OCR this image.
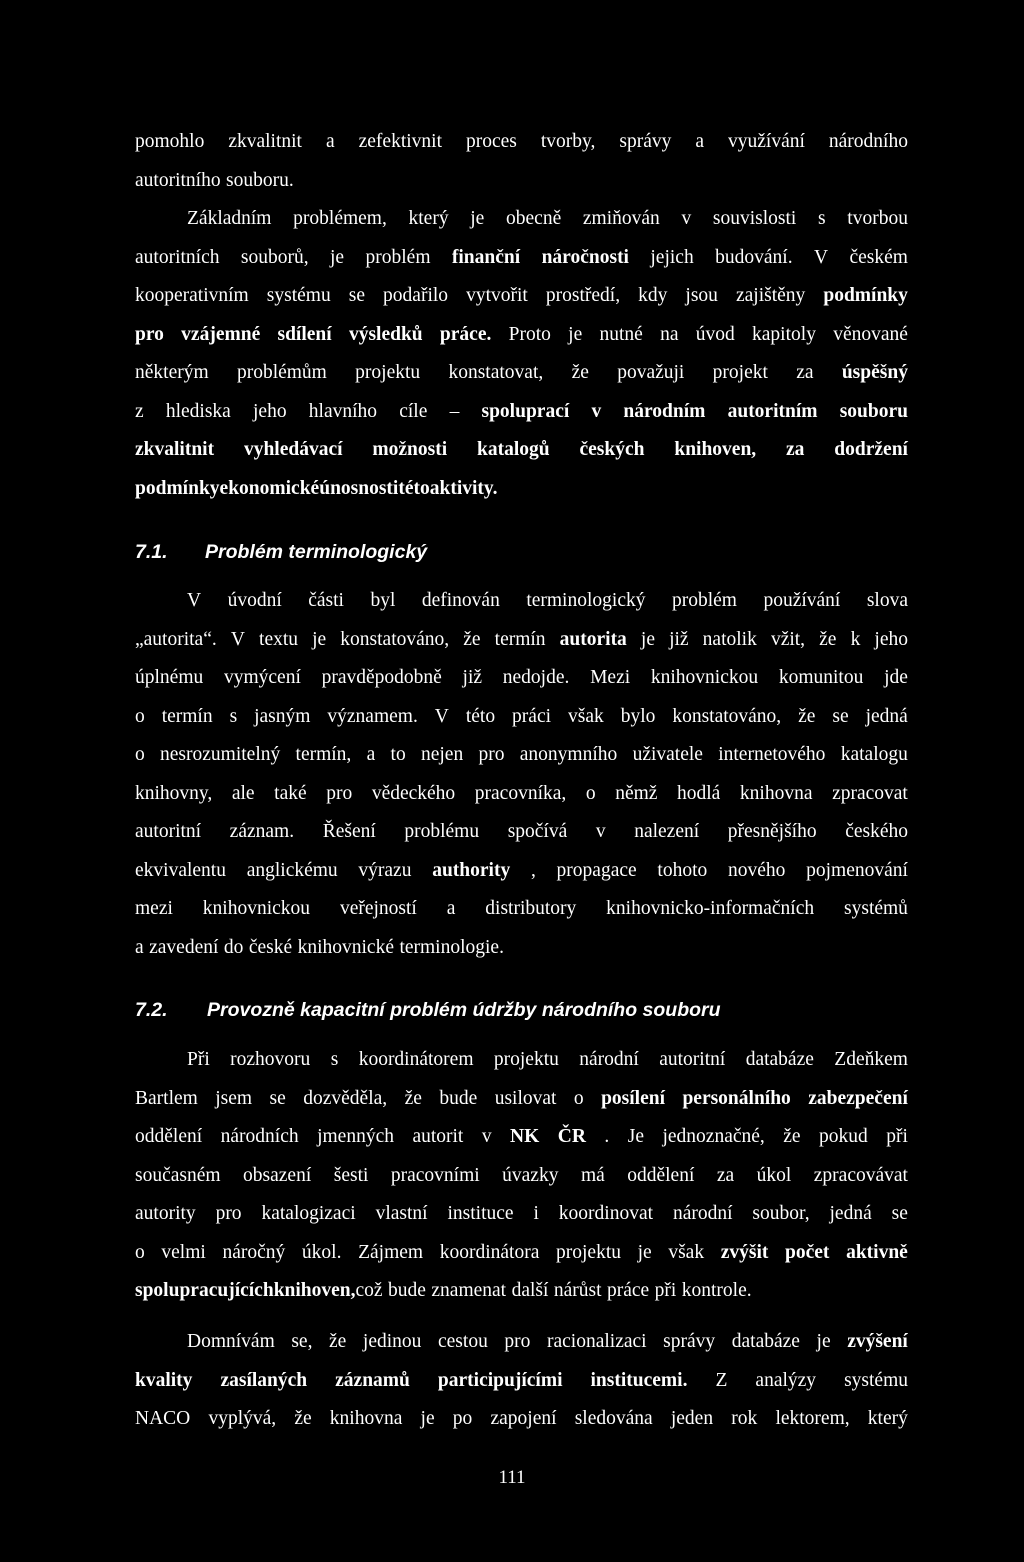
pomohlo zkvalitnit a zefektivnit proces tvorby, správy a využívání národního
autoritního souboru.
Základním problémem, který je obecně zmiňován v souvislosti s tvorbou
autoritních souborů, je problém finanční náročnosti jejich budování. V českém
kooperativním systému se podařilo vytvořit prostředí, kdy jsou zajištěny podmínky
pro vzájemné sdílení výsledků práce. Proto je nutné na úvod kapitoly věnované
některým problémům projektu konstatovat, že považuji projekt za úspěšný
z hlediska jeho hlavního cíle – spoluprací v národním autoritním souboru
zkvalitnit vyhledávací možnosti katalogů českých knihoven, za dodržení
podmínky ekonomické únosnosti této aktivity.
7.1. Problém terminologický
V úvodní části byl definován terminologický problém používání slova
„autorita“. V textu je konstatováno, že termín autorita je již natolik vžit, že k jeho
úplnému vymýcení pravděpodobně již nedojde. Mezi knihovnickou komunitou jde
o termín s jasným významem. V této práci však bylo konstatováno, že se jedná
o nesrozumitelný termín, a to nejen pro anonymního uživatele internetového katalogu
knihovny, ale také pro vědeckého pracovníka, o němž hodlá knihovna zpracovat
autoritní záznam. Řešení problému spočívá v nalezení přesnějšího českého
ekvivalentu anglickému výrazu authority , propagace tohoto nového pojmenování
mezi knihovnickou veřejností a distributory knihovnicko-informačních systémů
a zavedení do české knihovnické terminologie.
7.2. Provozně kapacitní problém údržby národního souboru
Při rozhovoru s koordinátorem projektu národní autoritní databáze Zdeňkem
Bartlem jsem se dozvěděla, že bude usilovat o posílení personálního zabezpečení
oddělení národních jmenných autorit v NK ČR . Je jednoznačné, že pokud při
současném obsazení šesti pracovními úvazky má oddělení za úkol zpracovávat
autority pro katalogizaci vlastní instituce i koordinovat národní soubor, jedná se
o velmi náročný úkol. Zájmem koordinátora projektu je však zvýšit počet aktivně
spolupracujících knihoven, což bude znamenat další nárůst práce při kontrole.
Domnívám se, že jedinou cestou pro racionalizaci správy databáze je zvýšení
kvality zasílaných záznamů participujícími institucemi. Z analýzy systému
NACO vyplývá, že knihovna je po zapojení sledována jeden rok lektorem, který
111
